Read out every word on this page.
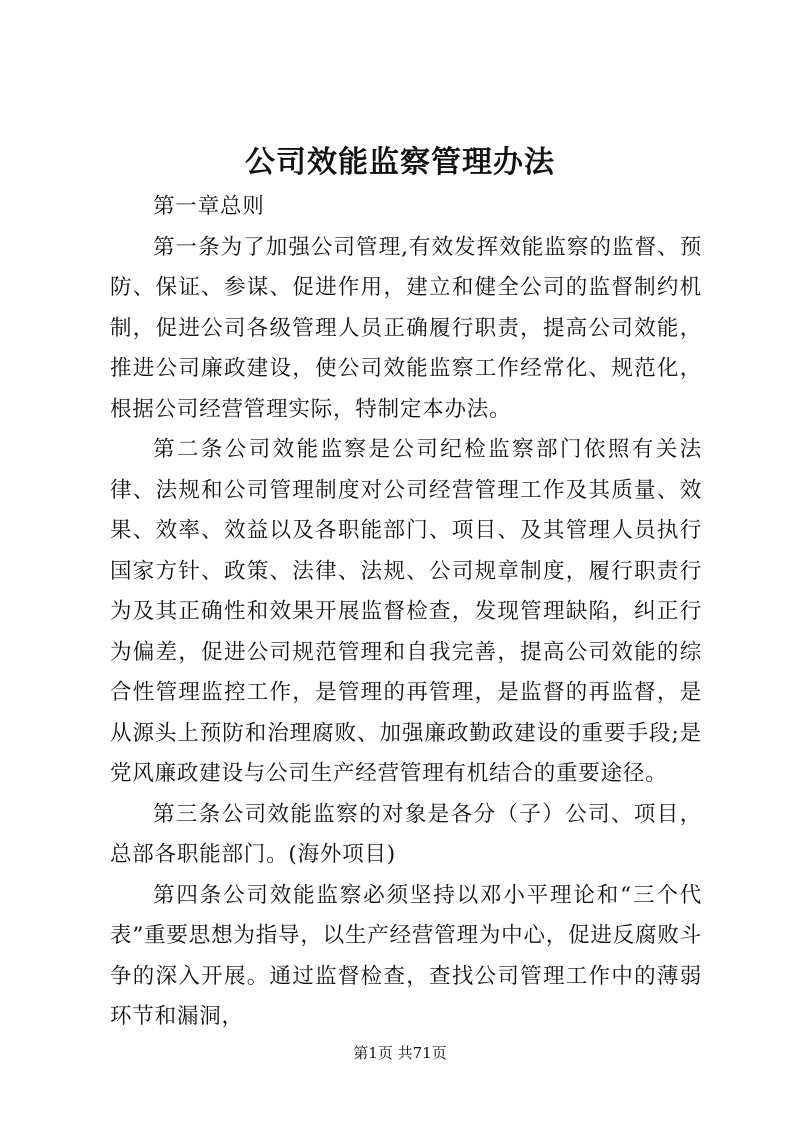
公司效能监察管理办法

第一章总则

第一条为了加强公司管理,有效发挥效能监察的监督、预防、保证、参谋、促进作用，建立和健全公司的监督制约机制，促进公司各级管理人员正确履行职责，提高公司效能，推进公司廉政建设，使公司效能监察工作经常化、规范化，根据公司经营管理实际，特制定本办法。

第二条公司效能监察是公司纪检监察部门依照有关法律、法规和公司管理制度对公司经营管理工作及其质量、效果、效率、效益以及各职能部门、项目、及其管理人员执行国家方针、政策、法律、法规、公司规章制度，履行职责行为及其正确性和效果开展监督检查，发现管理缺陷，纠正行为偏差，促进公司规范管理和自我完善，提高公司效能的综合性管理监控工作，是管理的再管理，是监督的再监督，是从源头上预防和治理腐败、加强廉政勤政建设的重要手段;是党风廉政建设与公司生产经营管理有机结合的重要途径。

第三条公司效能监察的对象是各分（子）公司、项目，总部各职能部门。(海外项目)

第四条公司效能监察必须坚持以邓小平理论和“三个代表”重要思想为指导，以生产经营管理为中心，促进反腐败斗争的深入开展。通过监督检查，查找公司管理工作中的薄弱环节和漏洞，

第1页 共71页
